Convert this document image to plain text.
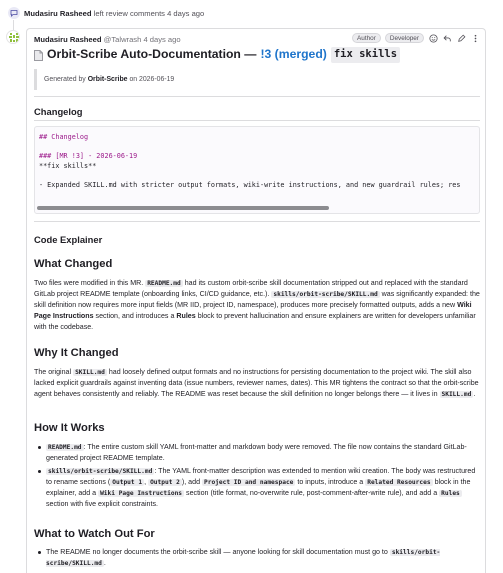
Mudasiru Rasheed left review comments 4 days ago
Mudasiru Rasheed @Talwrash 4 days ago	Author	Developer
Orbit-Scribe Auto-Documentation — !3 (merged) fix skills
Generated by Orbit-Scribe on 2026-06-19
Changelog
## Changelog

### [MR !3] - 2026-06-19
**fix skills**

- Expanded SKILL.md with stricter output formats, wiki-write instructions, and new guardrail rules; res
Code Explainer
What Changed
Two files were modified in this MR. README.md had its custom orbit-scribe skill documentation stripped out and replaced with the standard GitLab project README template (onboarding links, CI/CD guidance, etc.). skills/orbit-scribe/SKILL.md was significantly expanded: the skill definition now requires more input fields (MR IID, project ID, namespace), produces more precisely formatted outputs, adds a new Wiki Page Instructions section, and introduces a Rules block to prevent hallucination and ensure explainers are written for developers unfamiliar with the codebase.
Why It Changed
The original SKILL.md had loosely defined output formats and no instructions for persisting documentation to the project wiki. The skill also lacked explicit guardrails against inventing data (issue numbers, reviewer names, dates). This MR tightens the contract so that the orbit-scribe agent behaves consistently and reliably. The README was reset because the skill definition no longer belongs there — it lives in SKILL.md .
How It Works
README.md : The entire custom skill YAML front-matter and markdown body were removed. The file now contains the standard GitLab-generated project README template.
skills/orbit-scribe/SKILL.md : The YAML front-matter description was extended to mention wiki creation. The body was restructured to rename sections ( Output 1 , Output 2 ), add Project ID and namespace to inputs, introduce a Related Resources block in the explainer, add a Wiki Page Instructions section (title format, no-overwrite rule, post-comment-after-write rule), and add a Rules section with five explicit constraints.
What to Watch Out For
The README no longer documents the orbit-scribe skill — anyone looking for skill documentation must go to skills/orbit-scribe/SKILL.md .
